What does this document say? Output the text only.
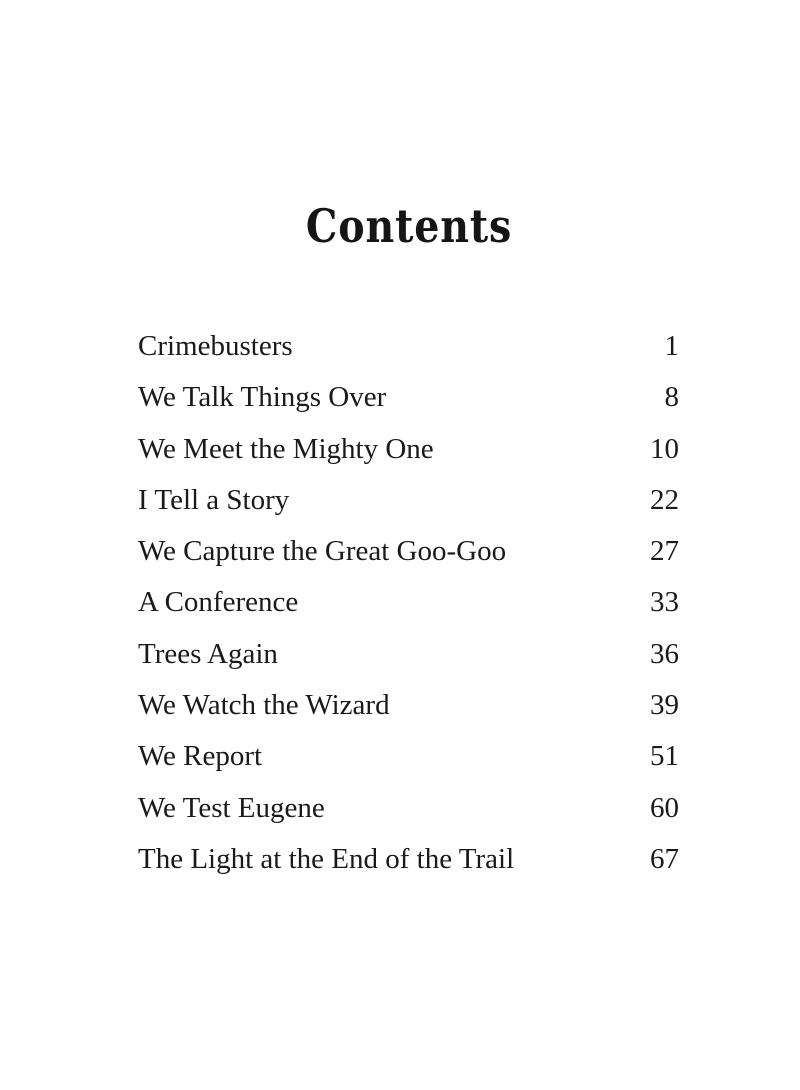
Contents
Crimebusters	1
We Talk Things Over	8
We Meet the Mighty One	10
I Tell a Story	22
We Capture the Great Goo-Goo	27
A Conference	33
Trees Again	36
We Watch the Wizard	39
We Report	51
We Test Eugene	60
The Light at the End of the Trail	67
